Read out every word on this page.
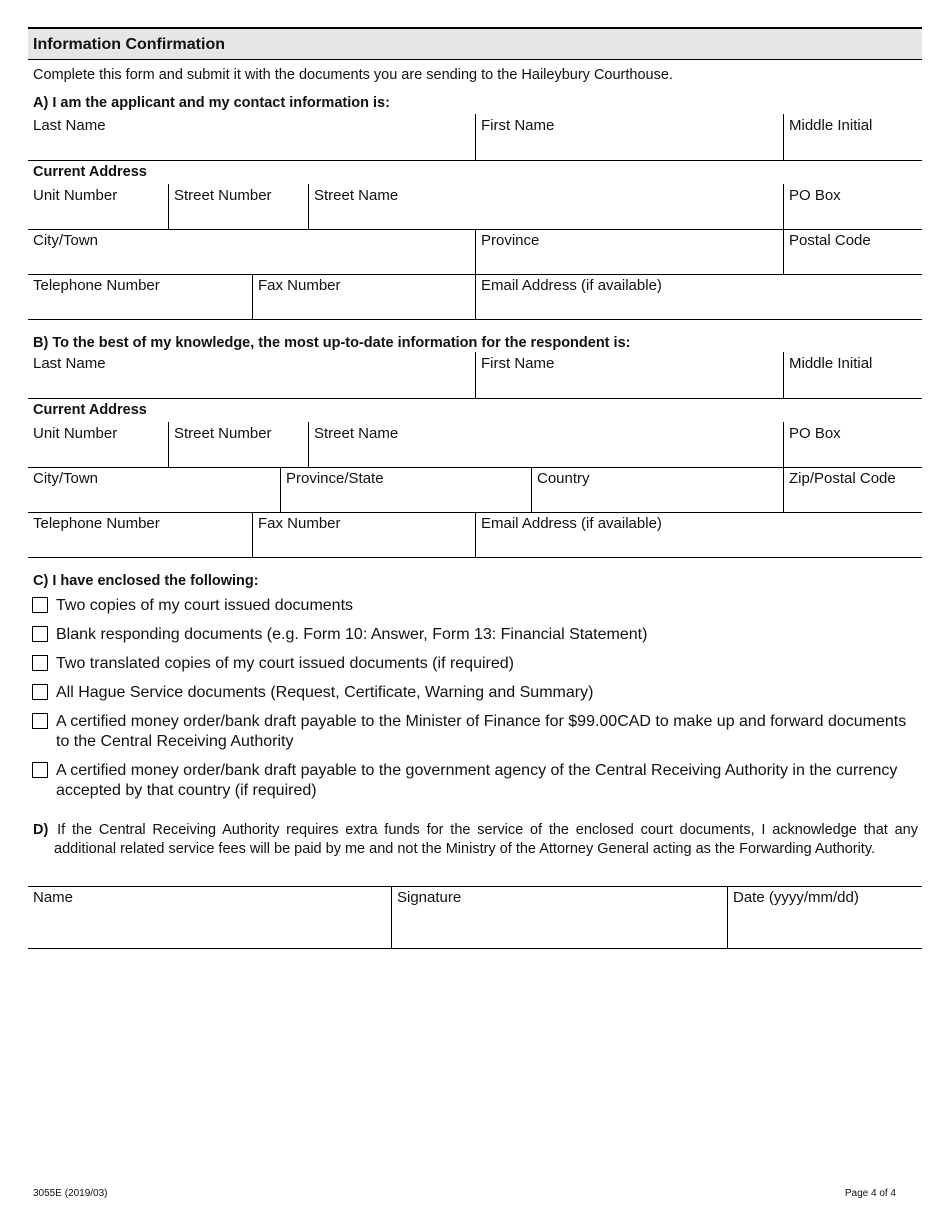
Information Confirmation
Complete this form and submit it with the documents you are sending to the Haileybury Courthouse.
A) I am the applicant and my contact information is:
Last Name	First Name	Middle Initial
Current Address
Unit Number	Street Number	Street Name	PO Box
City/Town	Province	Postal Code
Telephone Number	Fax Number	Email Address (if available)
B) To the best of my knowledge, the most up-to-date information for the respondent is:
Last Name	First Name	Middle Initial
Current Address
Unit Number	Street Number	Street Name	PO Box
City/Town	Province/State	Country	Zip/Postal Code
Telephone Number	Fax Number	Email Address (if available)
C) I have enclosed the following:
Two copies of my court issued documents
Blank responding documents (e.g. Form 10: Answer, Form 13: Financial Statement)
Two translated copies of my court issued documents (if required)
All Hague Service documents (Request, Certificate, Warning and Summary)
A certified money order/bank draft payable to the Minister of Finance for $99.00CAD to make up and forward documents to the Central Receiving Authority
A certified money order/bank draft payable to the government agency of the Central Receiving Authority in the currency accepted by that country (if required)
D) If the Central Receiving Authority requires extra funds for the service of the enclosed court documents, I acknowledge that any additional related service fees will be paid by me and not the Ministry of the Attorney General acting as the Forwarding Authority.
Name	Signature	Date (yyyy/mm/dd)
3055E (2019/03)	Page 4 of 4
